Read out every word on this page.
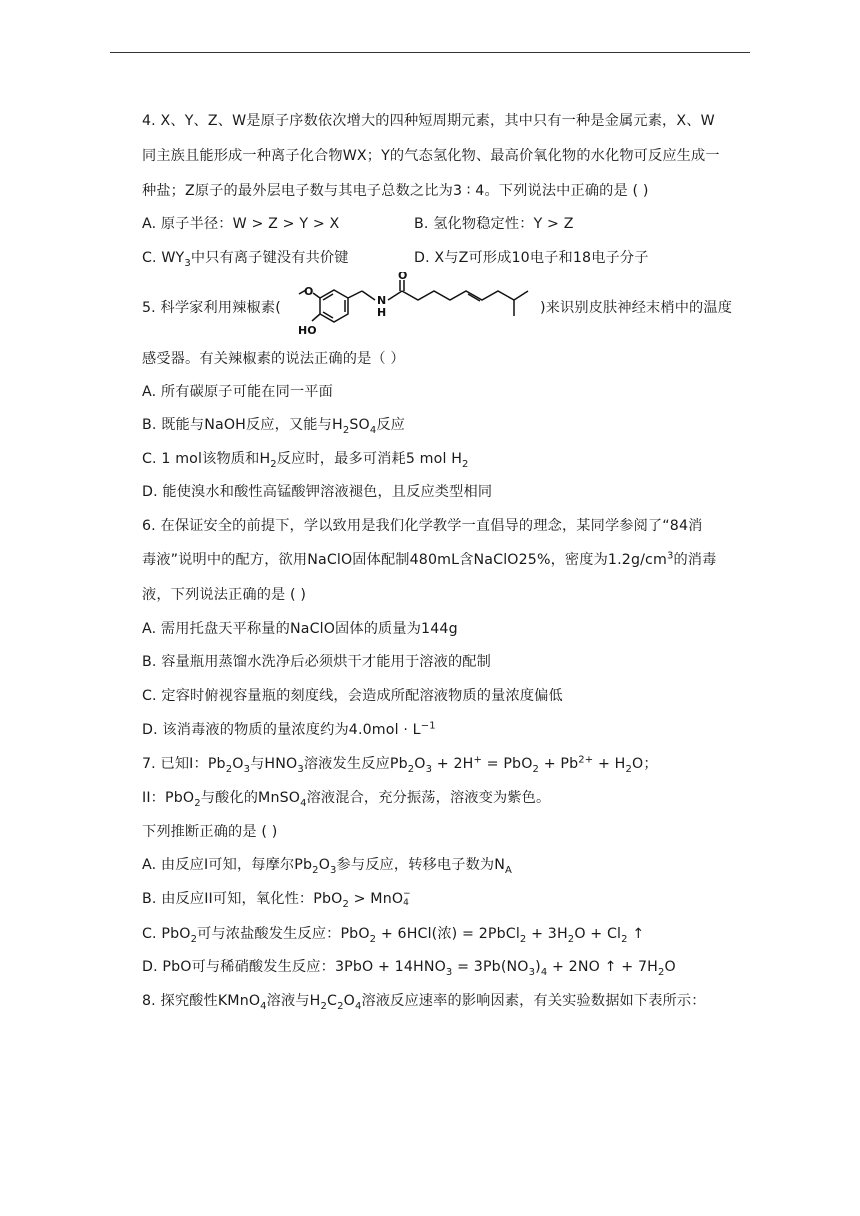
4. X、Y、Z、W是原子序数依次增大的四种短周期元素，其中只有一种是金属元素，X、W
同主族且能形成一种离子化合物WX；Y的气态氢化物、最高价氧化物的水化物可反应生成一
种盐；Z原子的最外层电子数与其电子总数之比为3 ∶ 4。下列说法中正确的是 ( )
A. 原子半径：W > Z > Y > X	B. 氢化物稳定性：Y > Z
C. $WY_3$中只有离子键没有共价键	D. X与Z可形成10电子和18电子分子
5. 科学家利用辣椒素(
O
HO
N
H
O
)来识别皮肤神经末梢中的温度
感受器。有关辣椒素的说法正确的是（ ）
A. 所有碳原子可能在同一平面
B. 既能与NaOH反应，又能与$H_2SO_4$反应
C. 1 mol该物质和$H_2$反应时，最多可消耗5 mol $H_2$
D. 能使溴水和酸性高锰酸钾溶液褪色，且反应类型相同
6. 在保证安全的前提下，学以致用是我们化学教学一直倡导的理念，某同学参阅了“84消
毒液”说明中的配方，欲用NaClO固体配制480mL含NaClO25%，密度为$1.2g/cm^3$的消毒
液，下列说法正确的是 ( )
A. 需用托盘天平称量的NaClO固体的质量为144g
B. 容量瓶用蒸馏水洗净后必须烘干才能用于溶液的配制
C. 定容时俯视容量瓶的刻度线，会造成所配溶液物质的量浓度偏低
D. 该消毒液的物质的量浓度约为$4.0mol \cdot L^{-1}$
7. 已知I：$Pb_2O_3$与$HNO_3$溶液发生反应$Pb_2O_3 + 2H^+ = PbO_2 + Pb^{2+} + H_2O$；
II：PbO$_2$与酸化的MnSO$_4$溶液混合，充分振荡，溶液变为紫色。
下列推断正确的是 ( )
A. 由反应I可知，每摩尔$Pb_2O_3$参与反应，转移电子数为$N_A$
B. 由反应II可知，氧化性：PbO$_2$ > MnO −
4
C. PbO$_2$可与浓盐酸发生反应：PbO$_2$ + 6HCl(浓) = 2PbCl$_2$ + $3H_2O + Cl_2$ ↑
D. PbO可与稀硝酸发生反应：$3PbO + 14HNO_3 = 3Pb(NO_3)_4 + 2NO$ ↑ + $7H_2O$
8. 探究酸性KMnO$_4$溶液与$H_2C_2O_4$溶液反应速率的影响因素，有关实验数据如下表所示：
